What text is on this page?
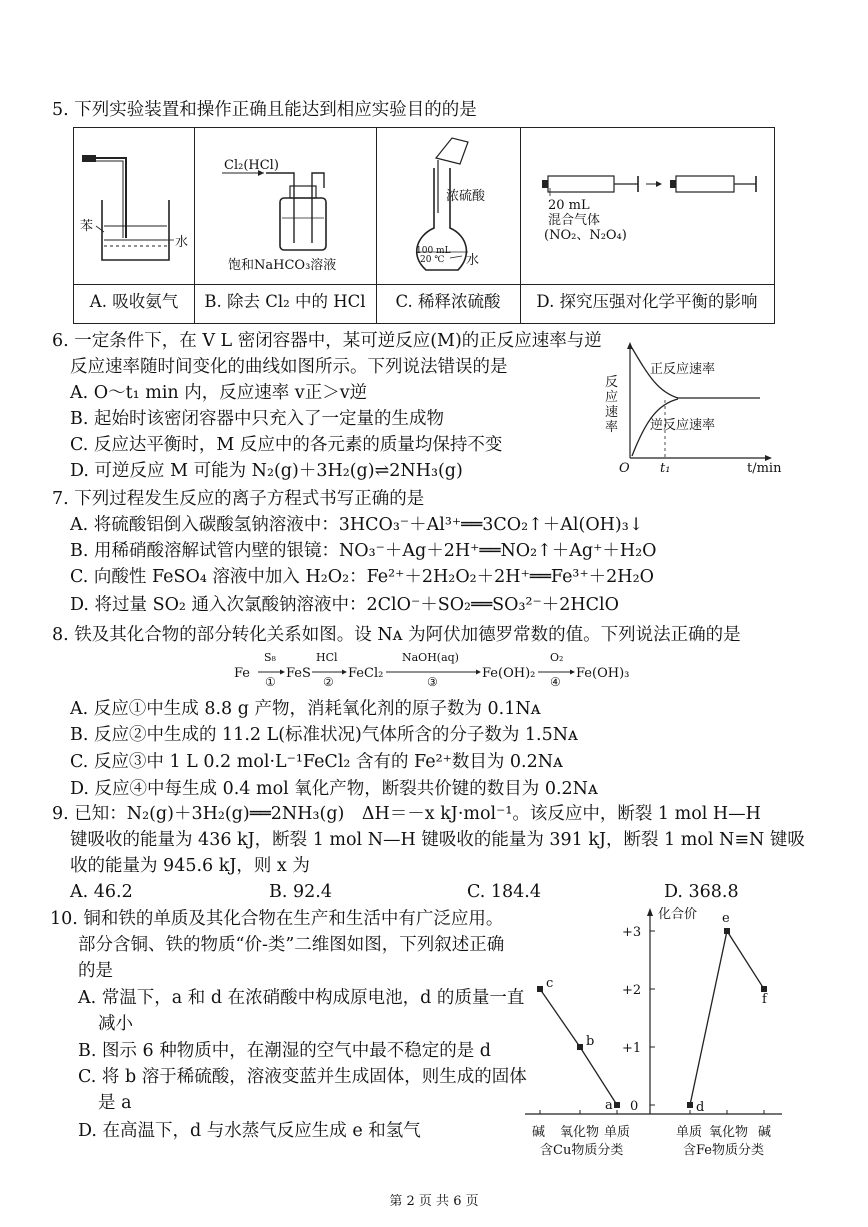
5. 下列实验装置和操作正确且能达到相应实验目的的是
苯
水
Cl₂(HCl)
饱和NaHCO₃溶液
浓硫酸
100 mL
20 ℃ 水
20 mL
混合气体
(NO₂、N₂O₄)
A. 吸收氨气	B. 除去 Cl₂ 中的 HCl	C. 稀释浓硫酸	D. 探究压强对化学平衡的影响
6. 一定条件下，在 V L 密闭容器中，某可逆反应(M)的正反应速率与逆
反应速率随时间变化的曲线如图所示。下列说法错误的是
A. O～t₁ min 内，反应速率 v正＞v逆
B. 起始时该密闭容器中只充入了一定量的生成物
C. 反应达平衡时，M 反应中的各元素的质量均保持不变
D. 可逆反应 M 可能为 N₂(g)＋3H₂(g)⇌2NH₃(g)
反应速率
正反应速率
逆反应速率
O t₁	t/min
7. 下列过程发生反应的离子方程式书写正确的是
A. 将硫酸铝倒入碳酸氢钠溶液中：3HCO₃⁻＋Al³⁺══3CO₂↑＋Al(OH)₃↓
B. 用稀硝酸溶解试管内壁的银镜：NO₃⁻＋Ag＋2H⁺══NO₂↑＋Ag⁺＋H₂O
C. 向酸性 FeSO₄ 溶液中加入 H₂O₂：Fe²⁺＋2H₂O₂＋2H⁺══Fe³⁺＋2H₂O
D. 将过量 SO₂ 通入次氯酸钠溶液中：2ClO⁻＋SO₂══SO₃²⁻＋2HClO
8. 铁及其化合物的部分转化关系如图。设 Nᴀ 为阿伏加德罗常数的值。下列说法正确的是
Fe	FeS	FeCl₂	Fe(OH)₂	Fe(OH)₃
S₈	HCl	NaOH(aq)	O₂
①	②	③	④
A. 反应①中生成 8.8 g 产物，消耗氧化剂的原子数为 0.1Nᴀ
B. 反应②中生成的 11.2 L(标准状况)气体所含的分子数为 1.5Nᴀ
C. 反应③中 1 L 0.2 mol·L⁻¹FeCl₂ 含有的 Fe²⁺数目为 0.2Nᴀ
D. 反应④中每生成 0.4 mol 氧化产物，断裂共价键的数目为 0.2Nᴀ
9. 已知：N₂(g)＋3H₂(g)══2NH₃(g)　ΔH＝－x kJ·mol⁻¹。该反应中，断裂 1 mol H—H
键吸收的能量为 436 kJ，断裂 1 mol N—H 键吸收的能量为 391 kJ，断裂 1 mol N≡N 键吸
收的能量为 945.6 kJ，则 x 为
A. 46.2	B. 92.4	C. 184.4	D. 368.8
10. 铜和铁的单质及其化合物在生产和生活中有广泛应用。
部分含铜、铁的物质“价-类”二维图如图，下列叙述正确
的是
A. 常温下，a 和 d 在浓硝酸中构成原电池，d 的质量一直
减小
B. 图示 6 种物质中，在潮湿的空气中最不稳定的是 d
C. 将 b 溶于稀硫酸，溶液变蓝并生成固体，则生成的固体
是 a
D. 在高温下，d 与水蒸气反应生成 e 和氢气
c
b
a	d
e
f
化合价
+3
+2
+1
0
碱 氧化物 单质	单质 氧化物 碱
含Cu物质分类	含Fe物质分类
第 2 页 共 6 页
